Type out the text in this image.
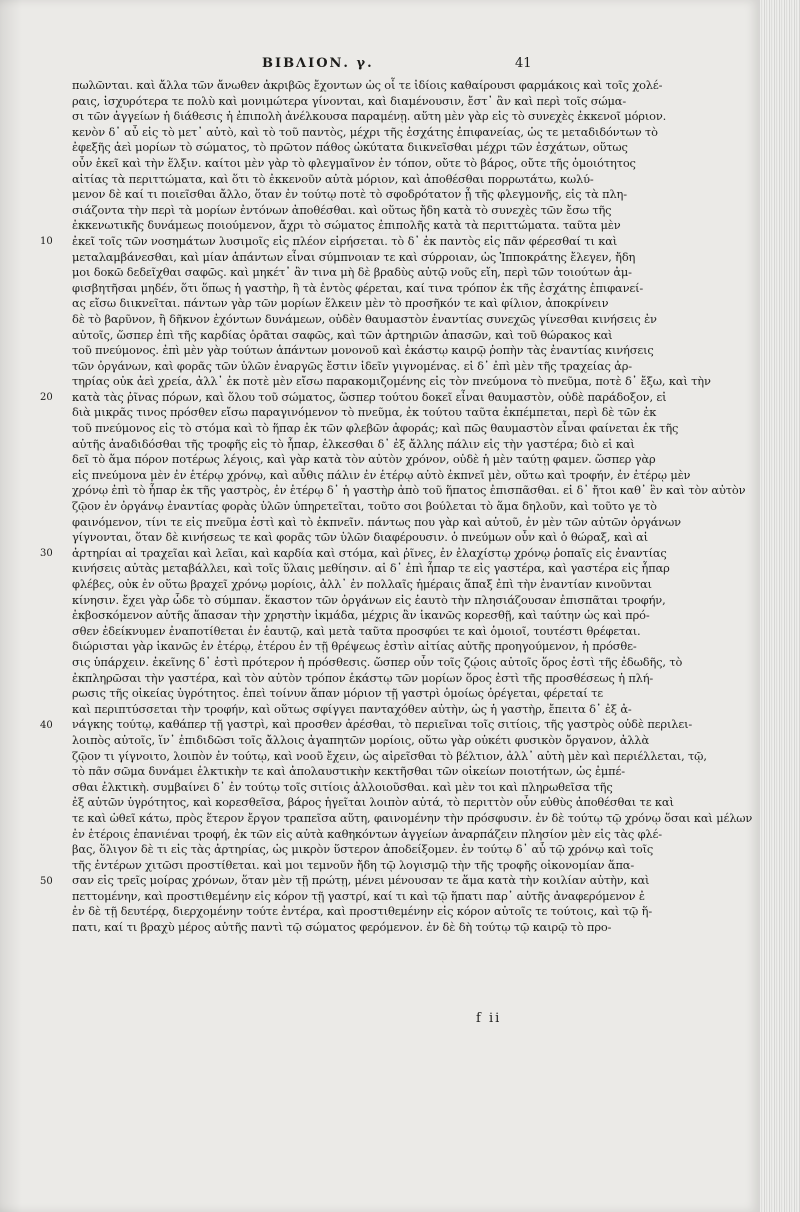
ΒΙΒΛΙΟΝ. γ.	41
10
20
30
40
50
πωλῶνται. καὶ ἄλλα τῶν ἄνωθεν ἀκριβῶς ἔχοντων ὡς οἷ τε ἰδίοις καθαίρουσι φαρμάκοις καὶ τοῖς χολέ-
ραις, ἰσχυρότερα τε πολὺ καὶ μονιμώτερα γίνονται, καὶ διαμένουσιν, ἔστ᾽ ἂν καὶ περὶ τοῖς σώμα-
σι τῶν ἀγγείων ἡ διάθεσις ἡ ἐπιπολὴ ἀνέλκουσα παραμένῃ. αὕτη μὲν γὰρ εἰς τὸ συνεχὲς ἐκκενοῖ μόριον.
κενὸν δ᾽ αὖ εἰς τὸ μετ᾽ αὐτὸ, καὶ τὸ τοῦ παντὸς, μέχρι τῆς ἐσχάτης ἐπιφανείας, ὡς τε μεταδιδόντων τὸ
ἐφεξῆς ἀεὶ μορίων τὸ σώματος, τὸ πρῶτον πάθος ὠκύτατα διικνεῖσθαι μέχρι τῶν ἐσχάτων, οὕτως
οὖν ἐκεῖ καὶ τὴν ἕλξιν. καίτοι μὲν γὰρ τὸ φλεγμαῖνον ἐν τόπον, οὔτε τὸ βάρος, οὔτε τῆς ὁμοιότητος
αἰτίας τὰ περιττώματα, καὶ ὅτι τὸ ἐκκενοῦν αὐτὰ μόριον, καὶ ἀποθέσθαι πορρωτάτω, κωλύ-
μενον δὲ καί τι ποιεῖσθαι ἄλλο, ὅταν ἐν τούτῳ ποτὲ τὸ σφοδρότατον ᾖ τῆς φλεγμονῆς, εἰς τὰ πλη-
σιάζοντα τὴν περὶ τὰ μορίων ἐντόνων ἀποθέσθαι. καὶ οὕτως ἤδη κατὰ τὸ συνεχὲς τῶν ἔσω τῆς
ἐκκενωτικῆς δυνάμεως ποιούμενον, ἄχρι τὸ σώματος ἐπιπολῆς κατὰ τὰ περιττώματα. ταῦτα μὲν
ἐκεῖ τοῖς τῶν νοσημάτων λυσιμοῖς εἰς πλέον εἰρήσεται. τὸ δ᾽ ἐκ παντὸς εἰς πᾶν φέρεσθαί τι καὶ
μεταλαμβάνεσθαι, καὶ μίαν ἁπάντων εἶναι σύμπνοιαν τε καὶ σύρροιαν, ὡς Ἱπποκράτης ἔλεγεν, ἤδη
μοι δοκῶ δεδεῖχθαι σαφῶς. καὶ μηκέτ᾽ ἂν τινα μὴ δὲ βραδὺς αὐτῷ νοῦς εἴη, περὶ τῶν τοιούτων ἀμ-
φισβητῆσαι μηδέν, ὅτι ὅπως ἡ γαστὴρ, ἢ τὰ ἐντὸς φέρεται, καί τινα τρόπον ἐκ τῆς ἐσχάτης ἐπιφανεί-
ας εἴσω διικνεῖται. πάντων γὰρ τῶν μορίων ἕλκειν μὲν τὸ προσῆκόν τε καὶ φίλιον, ἀποκρίνειν
δὲ τὸ βαρῦνον, ἢ δῆκνον ἐχόντων δυνάμεων, οὐδὲν θαυμαστὸν ἐναντίας συνεχῶς γίνεσθαι κινήσεις ἐν
αὐτοῖς, ὥσπερ ἐπὶ τῆς καρδίας ὁρᾶται σαφῶς, καὶ τῶν ἀρτηριῶν ἁπασῶν, καὶ τοῦ θώρακος καὶ
τοῦ πνεύμονος. ἐπὶ μὲν γὰρ τούτων ἁπάντων μονονοῦ καὶ ἐκάστῳ καιρῷ ῥοπὴν τὰς ἐναντίας κινήσεις
τῶν ὀργάνων, καὶ φορᾶς τῶν ὑλῶν ἐναργῶς ἔστιν ἰδεῖν γιγνομένας. εἰ δ᾽ ἐπὶ μὲν τῆς τραχείας ἀρ-
τηρίας οὐκ ἀεὶ χρεία, ἀλλ᾽ ἐκ ποτὲ μὲν εἴσω παρακομιζομένης εἰς τὸν πνεύμονα τὸ πνεῦμα, ποτὲ δ᾽ ἔξω, καὶ τὴν
κατὰ τὰς ῥῖνας πόρων, καὶ ὅλου τοῦ σώματος, ὥσπερ τούτου δοκεῖ εἶναι θαυμαστὸν, οὐδὲ παράδοξον, εἰ
διὰ μικρᾶς τινος πρόσθεν εἴσω παραγινόμενον τὸ πνεῦμα, ἐκ τούτου ταῦτα ἐκπέμπεται, περὶ δὲ τῶν ἐκ
τοῦ πνεύμονος εἰς τὸ στόμα καὶ τὸ ἥπαρ ἐκ τῶν φλεβῶν ἀφοράς; καὶ πῶς θαυμαστὸν εἶναι φαίνεται ἐκ τῆς
αὐτῆς ἀναδιδόσθαι τῆς τροφῆς εἰς τὸ ἧπαρ, ἑλκεσθαι δ᾽ ἐξ ἄλλης πάλιν εἰς τὴν γαστέρα; διὸ εἰ καὶ
δεῖ τὸ ἅμα πόρον ποτέρως λέγοις, καὶ γὰρ κατὰ τὸν αὐτὸν χρόνον, οὐδὲ ἡ μὲν ταύτῃ φαμεν. ὥσπερ γὰρ
εἰς πνεύμονα μὲν ἐν ἑτέρῳ χρόνῳ, καὶ αὖθις πάλιν ἐν ἑτέρῳ αὐτὸ ἐκπνεῖ μὲν, οὕτω καὶ τροφήν, ἐν ἑτέρῳ μὲν
χρόνῳ ἐπὶ τὸ ἧπαρ ἐκ τῆς γαστρὸς, ἐν ἑτέρῳ δ᾽ ἡ γαστὴρ ἀπὸ τοῦ ἥπατος ἐπισπᾶσθαι. εἰ δ᾽ ἤτοι καθ᾽ ἓν καὶ τὸν αὐτὸν
ζῷον ἐν ὀργάνῳ ἐναντίας φορὰς ὑλῶν ὑπηρετεῖται, τοῦτο σοι βούλεται τὸ ἅμα δηλοῦν, καὶ τοῦτο γε τὸ
φαινόμενον, τίνι τε εἰς πνεῦμα ἐστὶ καὶ τὸ ἐκπνεῖν. πάντως που γὰρ καὶ αὐτοῦ, ἐν μὲν τῶν αὐτῶν ὀργάνων
γίγνονται, ὅταν δὲ κινήσεως τε καὶ φορᾶς τῶν ὑλῶν διαφέρουσιν. ὁ πνεύμων οὖν καὶ ὁ θώραξ, καὶ αἱ
ἀρτηρίαι αἱ τραχεῖαι καὶ λεῖαι, καὶ καρδία καὶ στόμα, καὶ ῥῖνες, ἐν ἐλαχίστῳ χρόνῳ ῥοπαῖς εἰς ἐναντίας
κινήσεις αὐτὰς μεταβάλλει, καὶ τοῖς ὕλαις μεθίησιν. αἱ δ᾽ ἐπὶ ἧπαρ τε εἰς γαστέρα, καὶ γαστέρα εἰς ἧπαρ
φλέβες, οὐκ ἐν οὕτω βραχεῖ χρόνῳ μορίοις, ἀλλ᾽ ἐν πολλαῖς ἡμέραις ἅπαξ ἐπὶ τὴν ἐναντίαν κινοῦνται
κίνησιν. ἔχει γὰρ ὧδε τὸ σύμπαν. ἕκαστον τῶν ὀργάνων εἰς ἑαυτὸ τὴν πλησιάζουσαν ἐπισπᾶται τροφήν,
ἐκβοσκόμενον αὐτῆς ἅπασαν τὴν χρηστὴν ἰκμάδα, μέχρις ἂν ἱκανῶς κορεσθῇ, καὶ ταύτην ὡς καὶ πρό-
σθεν ἐδείκνυμεν ἐναποτίθεται ἐν ἑαυτῷ, καὶ μετὰ ταῦτα προσφύει τε καὶ ὁμοιοῖ, τουτέστι θρέφεται.
διώρισται γὰρ ἱκανῶς ἐν ἑτέρῳ, ἑτέρου ἐν τῇ θρέψεως ἐστὶν αἰτίας αὐτῆς προηγούμενον, ἡ πρόσθε-
σις ὑπάρχειν. ἐκεῖνης δ᾽ ἐστὶ πρότερον ἡ πρόσθεσις. ὥσπερ οὖν τοῖς ζῴοις αὐτοῖς ὅρος ἐστὶ τῆς ἐδωδῆς, τὸ
ἐκπληρῶσαι τὴν γαστέρα, καὶ τὸν αὐτὸν τρόπον ἑκάστῳ τῶν μορίων ὅρος ἐστὶ τῆς προσθέσεως ἡ πλή-
ρωσις τῆς οἰκείας ὑγρότητος. ἐπεὶ τοίνυν ἅπαν μόριον τῇ γαστρὶ ὁμοίως ὀρέγεται, φέρεταί τε
καὶ περιπτύσσεται τὴν τροφήν, καὶ οὕτως σφίγγει πανταχόθεν αὐτὴν, ὡς ἡ γαστὴρ, ἔπειτα δ᾽ ἐξ ἀ-
νάγκης τούτῳ, καθάπερ τῇ γαστρὶ, καὶ προσθεν ἀρέσθαι, τὸ περιεῖναι τοῖς σιτίοις, τῆς γαστρὸς οὐδὲ περιλει-
λοιπὸς αὐτοῖς, ἵν᾽ ἐπιδιδῶσι τοῖς ἄλλοις ἀγαπητῶν μορίοις, οὕτω γὰρ οὐκέτι φυσικὸν ὄργανον, ἀλλὰ
ζῷον τι γίγνοιτο, λοιπὸν ἐν τούτῳ, καὶ νοοῦ ἔχειν, ὡς αἱρεῖσθαι τὸ βέλτιον, ἀλλ᾽ αὐτὴ μὲν καὶ περιέλλεται, τῷ,
τὸ πᾶν σῶμα δυνάμει ἑλκτικὴν τε καὶ ἀπολαυστικὴν κεκτῆσθαι τῶν οἰκείων ποιοτήτων, ὡς ἐμπέ-
σθαι ἐλκτικὴ. συμβαίνει δ᾽ ἐν τούτῳ τοῖς σιτίοις ἀλλοιοῦσθαι. καὶ μὲν τοι καὶ πληρωθεῖσα τῆς
ἐξ αὐτῶν ὑγρότητος, καὶ κορεσθεῖσα, βάρος ἡγεῖται λοιπὸν αὐτά, τὸ περιττὸν οὖν εὐθὺς ἀποθέσθαι τε καὶ
τε καὶ ὡθεῖ κάτω, πρὸς ἕτερον ἔργον τραπεῖσα αὕτη, φαινομένην τὴν πρόσφυσιν. ἐν δὲ τούτῳ τῷ χρόνῳ ὅσαι καὶ μέλων
ἐν ἑτέροις ἐπανιέναι τροφή, ἐκ τῶν εἰς αὐτὰ καθηκόντων ἀγγείων ἀναρπάζειν πλησίον μὲν εἰς τὰς φλέ-
βας, ὅλιγον δὲ τι εἰς τὰς ἀρτηρίας, ὡς μικρὸν ὕστερον ἀποδείξομεν. ἐν τούτῳ δ᾽ αὖ τῷ χρόνῳ καὶ τοῖς
τῆς ἐντέρων χιτῶσι προστίθεται. καὶ μοι τεμνοῦν ἤδη τῷ λογισμῷ τὴν τῆς τροφῆς οἰκονομίαν ἅπα-
σαν εἰς τρεῖς μοίρας χρόνων, ὅταν μὲν τῇ πρώτῃ, μένει μένουσαν τε ἅμα κατὰ τὴν κοιλίαν αὐτὴν, καὶ
πεττομένην, καὶ προστιθεμένην εἰς κόρον τῇ γαστρί, καί τι καὶ τῷ ἥπατι παρ᾽ αὐτῆς ἀναφερόμενον ἐ
ἐν δὲ τῇ δευτέρᾳ, διερχομένην τούτε ἐντέρα, καὶ προστιθεμένην εἰς κόρον αὐτοῖς τε τούτοις, καὶ τῷ ἥ-
πατι, καί τι βραχὺ μέρος αὐτῆς παντὶ τῷ σώματος φερόμενον. ἐν δὲ δὴ τούτῳ τῷ καιρῷ τὸ προ-
f ii
